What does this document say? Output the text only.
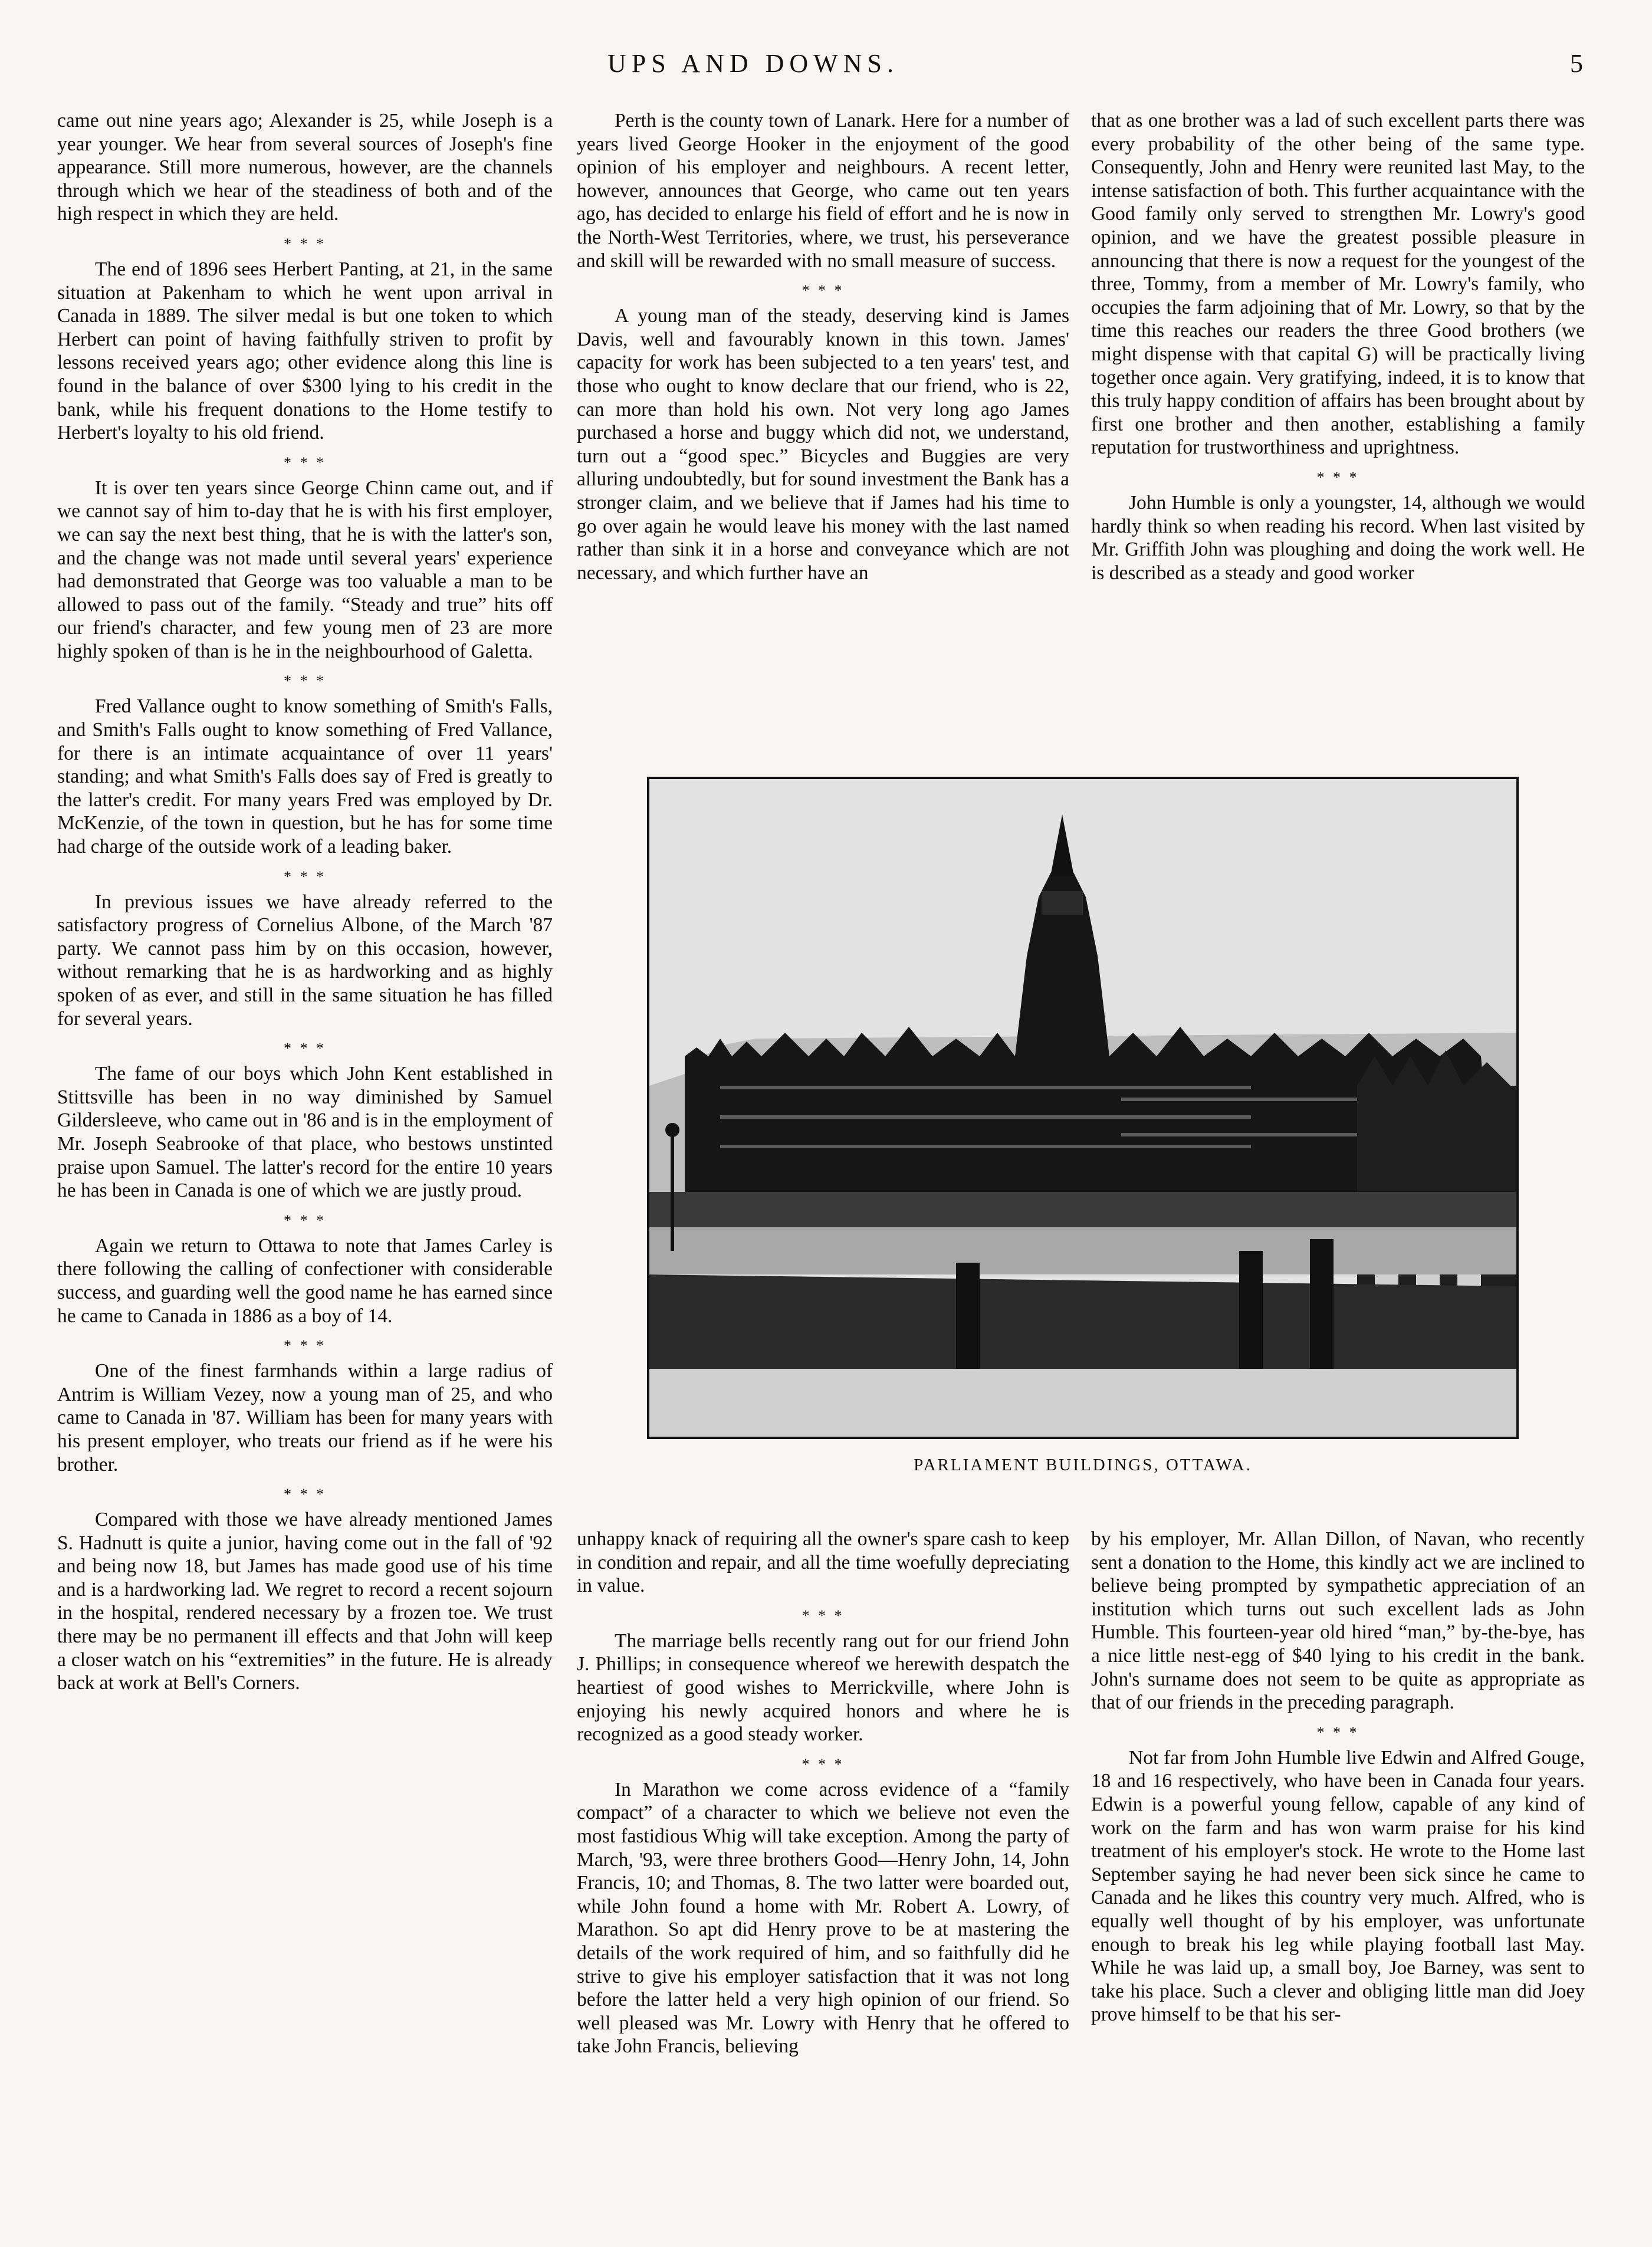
UPS AND DOWNS.	5

came out nine years ago; Alexander is 25, while Joseph is a year younger. We hear from several sources of Joseph's fine appearance. Still more numerous, however, are the channels through which we hear of the steadiness of both and of the high respect in which they are held.

* * *

The end of 1896 sees Herbert Panting, at 21, in the same situation at Pakenham to which he went upon arrival in Canada in 1889. The silver medal is but one token to which Herbert can point of having faithfully striven to profit by lessons received years ago; other evidence along this line is found in the balance of over $300 lying to his credit in the bank, while his frequent donations to the Home testify to Herbert's loyalty to his old friend.

* * *

It is over ten years since George Chinn came out, and if we cannot say of him to-day that he is with his first employer, we can say the next best thing, that he is with the latter's son, and the change was not made until several years' experience had demonstrated that George was too valuable a man to be allowed to pass out of the family. “Steady and true” hits off our friend's character, and few young men of 23 are more highly spoken of than is he in the neighbourhood of Galetta.

* * *

Fred Vallance ought to know something of Smith's Falls, and Smith's Falls ought to know something of Fred Vallance, for there is an intimate acquaintance of over 11 years' standing; and what Smith's Falls does say of Fred is greatly to the latter's credit. For many years Fred was employed by Dr. McKenzie, of the town in question, but he has for some time had charge of the outside work of a leading baker.

* * *

In previous issues we have already referred to the satisfactory progress of Cornelius Albone, of the March '87 party. We cannot pass him by on this occasion, however, without remarking that he is as hardworking and as highly spoken of as ever, and still in the same situation he has filled for several years.

* * *

The fame of our boys which John Kent established in Stittsville has been in no way diminished by Samuel Gildersleeve, who came out in '86 and is in the employment of Mr. Joseph Seabrooke of that place, who bestows unstinted praise upon Samuel. The latter's record for the entire 10 years he has been in Canada is one of which we are justly proud.

* * *

Again we return to Ottawa to note that James Carley is there following the calling of confectioner with considerable success, and guarding well the good name he has earned since he came to Canada in 1886 as a boy of 14.

* * *

One of the finest farmhands within a large radius of Antrim is William Vezey, now a young man of 25, and who came to Canada in '87. William has been for many years with his present employer, who treats our friend as if he were his brother.

* * *

Compared with those we have already mentioned James S. Hadnutt is quite a junior, having come out in the fall of '92 and being now 18, but James has made good use of his time and is a hardworking lad. We regret to record a recent sojourn in the hospital, rendered necessary by a frozen toe. We trust there may be no permanent ill effects and that John will keep a closer watch on his “extremities” in the future. He is already back at work at Bell's Corners.

Perth is the county town of Lanark. Here for a number of years lived George Hooker in the enjoyment of the good opinion of his employer and neighbours. A recent letter, however, announces that George, who came out ten years ago, has decided to enlarge his field of effort and he is now in the North-West Territories, where, we trust, his perseverance and skill will be rewarded with no small measure of success.

* * *

A young man of the steady, deserving kind is James Davis, well and favourably known in this town. James' capacity for work has been subjected to a ten years' test, and those who ought to know declare that our friend, who is 22, can more than hold his own. Not very long ago James purchased a horse and buggy which did not, we understand, turn out a “good spec.” Bicycles and Buggies are very alluring undoubtedly, but for sound investment the Bank has a stronger claim, and we believe that if James had his time to go over again he would leave his money with the last named rather than sink it in a horse and conveyance which are not necessary, and which further have an

that as one brother was a lad of such excellent parts there was every probability of the other being of the same type. Consequently, John and Henry were reunited last May, to the intense satisfaction of both. This further acquaintance with the Good family only served to strengthen Mr. Lowry's good opinion, and we have the greatest possible pleasure in announcing that there is now a request for the youngest of the three, Tommy, from a member of Mr. Lowry's family, who occupies the farm adjoining that of Mr. Lowry, so that by the time this reaches our readers the three Good brothers (we might dispense with that capital G) will be practically living together once again. Very gratifying, indeed, it is to know that this truly happy condition of affairs has been brought about by first one brother and then another, establishing a family reputation for trustworthiness and uprightness.

* * *

John Humble is only a youngster, 14, although we would hardly think so when reading his record. When last visited by Mr. Griffith John was ploughing and doing the work well. He is described as a steady and good worker

PARLIAMENT BUILDINGS, OTTAWA.

unhappy knack of requiring all the owner's spare cash to keep in condition and repair, and all the time woefully depreciating in value.

* * *

The marriage bells recently rang out for our friend John J. Phillips; in consequence whereof we herewith despatch the heartiest of good wishes to Merrickville, where John is enjoying his newly acquired honors and where he is recognized as a good steady worker.

* * *

In Marathon we come across evidence of a “family compact” of a character to which we believe not even the most fastidious Whig will take exception. Among the party of March, '93, were three brothers Good—Henry John, 14, John Francis, 10; and Thomas, 8. The two latter were boarded out, while John found a home with Mr. Robert A. Lowry, of Marathon. So apt did Henry prove to be at mastering the details of the work required of him, and so faithfully did he strive to give his employer satisfaction that it was not long before the latter held a very high opinion of our friend. So well pleased was Mr. Lowry with Henry that he offered to take John Francis, believing

by his employer, Mr. Allan Dillon, of Navan, who recently sent a donation to the Home, this kindly act we are inclined to believe being prompted by sympathetic appreciation of an institution which turns out such excellent lads as John Humble. This fourteen-year old hired “man,” by-the-bye, has a nice little nest-egg of $40 lying to his credit in the bank. John's surname does not seem to be quite as appropriate as that of our friends in the preceding paragraph.

* * *

Not far from John Humble live Edwin and Alfred Gouge, 18 and 16 respectively, who have been in Canada four years. Edwin is a powerful young fellow, capable of any kind of work on the farm and has won warm praise for his kind treatment of his employer's stock. He wrote to the Home last September saying he had never been sick since he came to Canada and he likes this country very much. Alfred, who is equally well thought of by his employer, was unfortunate enough to break his leg while playing football last May. While he was laid up, a small boy, Joe Barney, was sent to take his place. Such a clever and obliging little man did Joey prove himself to be that his ser-
